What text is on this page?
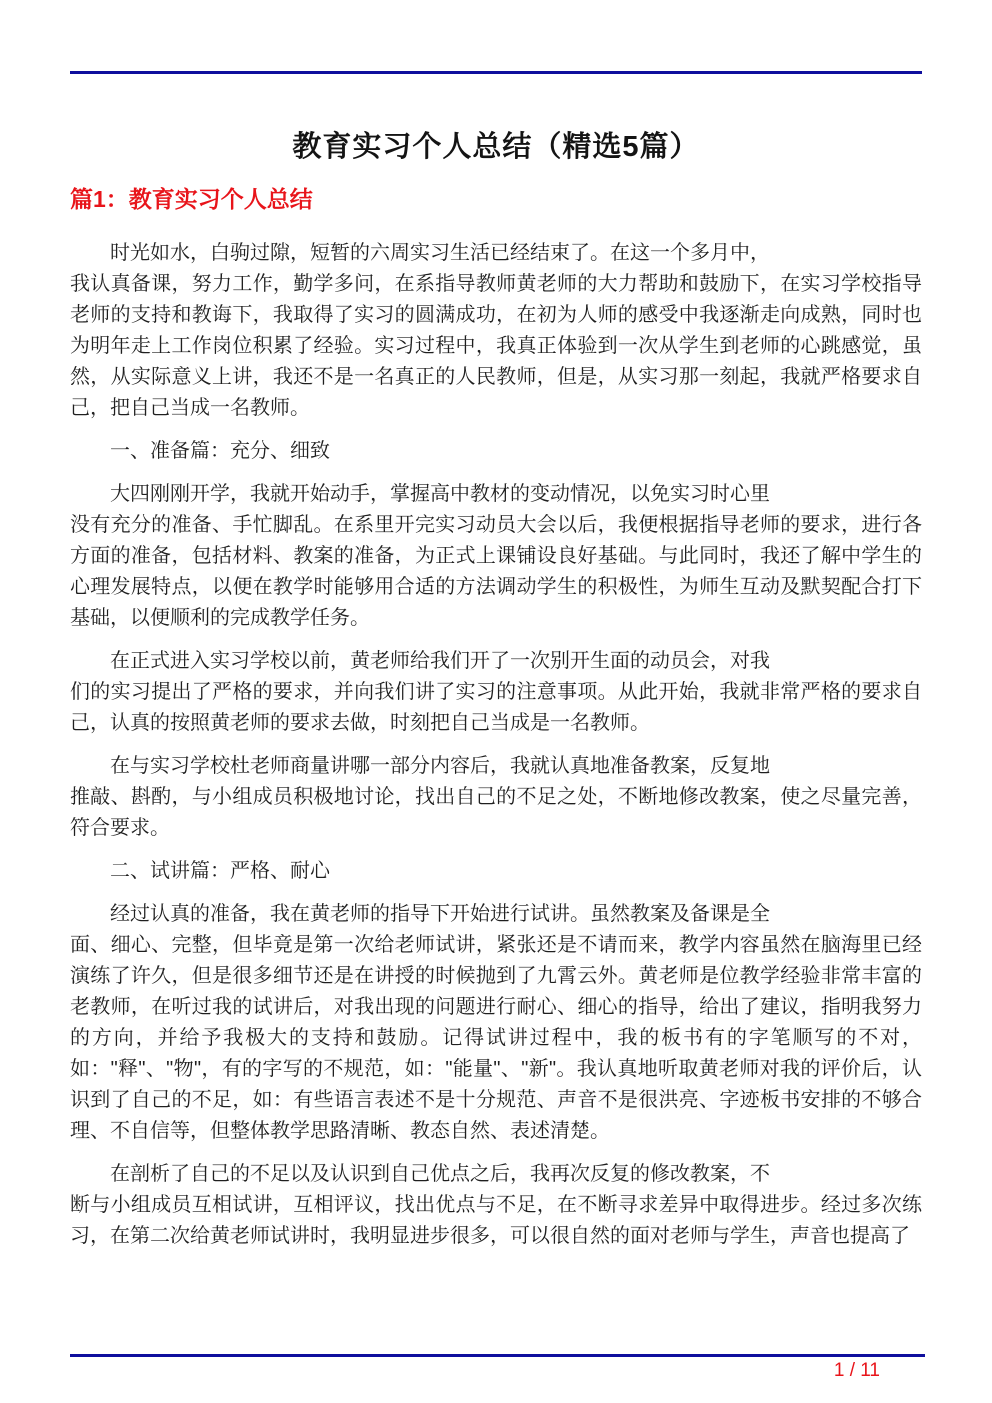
教育实习个人总结（精选5篇）
篇1：教育实习个人总结

时光如水，白驹过隙，短暂的六周实习生活已经结束了。在这一个多月中，
我认真备课，努力工作，勤学多问，在系指导教师黄老师的大力帮助和鼓励下，在实习学校指导老师的支持和教诲下，我取得了实习的圆满成功，在初为人师的感受中我逐渐走向成熟，同时也为明年走上工作岗位积累了经验。实习过程中，我真正体验到一次从学生到老师的心跳感觉，虽然，从实际意义上讲，我还不是一名真正的人民教师，但是，从实习那一刻起，我就严格要求自己，把自己当成一名教师。

一、准备篇：充分、细致

大四刚刚开学，我就开始动手，掌握高中教材的变动情况，以免实习时心里
没有充分的准备、手忙脚乱。在系里开完实习动员大会以后，我便根据指导老师的要求，进行各方面的准备，包括材料、教案的准备，为正式上课铺设良好基础。与此同时，我还了解中学生的心理发展特点，以便在教学时能够用合适的方法调动学生的积极性，为师生互动及默契配合打下基础，以便顺利的完成教学任务。

在正式进入实习学校以前，黄老师给我们开了一次别开生面的动员会，对我
们的实习提出了严格的要求，并向我们讲了实习的注意事项。从此开始，我就非常严格的要求自己，认真的按照黄老师的要求去做，时刻把自己当成是一名教师。

在与实习学校杜老师商量讲哪一部分内容后，我就认真地准备教案，反复地
推敲、斟酌，与小组成员积极地讨论，找出自己的不足之处，不断地修改教案，使之尽量完善，符合要求。

二、试讲篇：严格、耐心

经过认真的准备，我在黄老师的指导下开始进行试讲。虽然教案及备课是全
面、细心、完整，但毕竟是第一次给老师试讲，紧张还是不请而来，教学内容虽然在脑海里已经演练了许久，但是很多细节还是在讲授的时候抛到了九霄云外。黄老师是位教学经验非常丰富的老教师，在听过我的试讲后，对我出现的问题进行耐心、细心的指导，给出了建议，指明我努力的方向，并给予我极大的支持和鼓励。记得试讲过程中，我的板书有的字笔顺写的不对，如："释"、"物"，有的字写的不规范，如："能量"、"新"。我认真地听取黄老师对我的评价后，认识到了自己的不足，如：有些语言表述不是十分规范、声音不是很洪亮、字迹板书安排的不够合理、不自信等，但整体教学思路清晰、教态自然、表述清楚。

在剖析了自己的不足以及认识到自己优点之后，我再次反复的修改教案，不
断与小组成员互相试讲，互相评议，找出优点与不足，在不断寻求差异中取得进步。经过多次练习，在第二次给黄老师试讲时，我明显进步很多，可以很自然的面对老师与学生，声音也提高了

1 / 11
